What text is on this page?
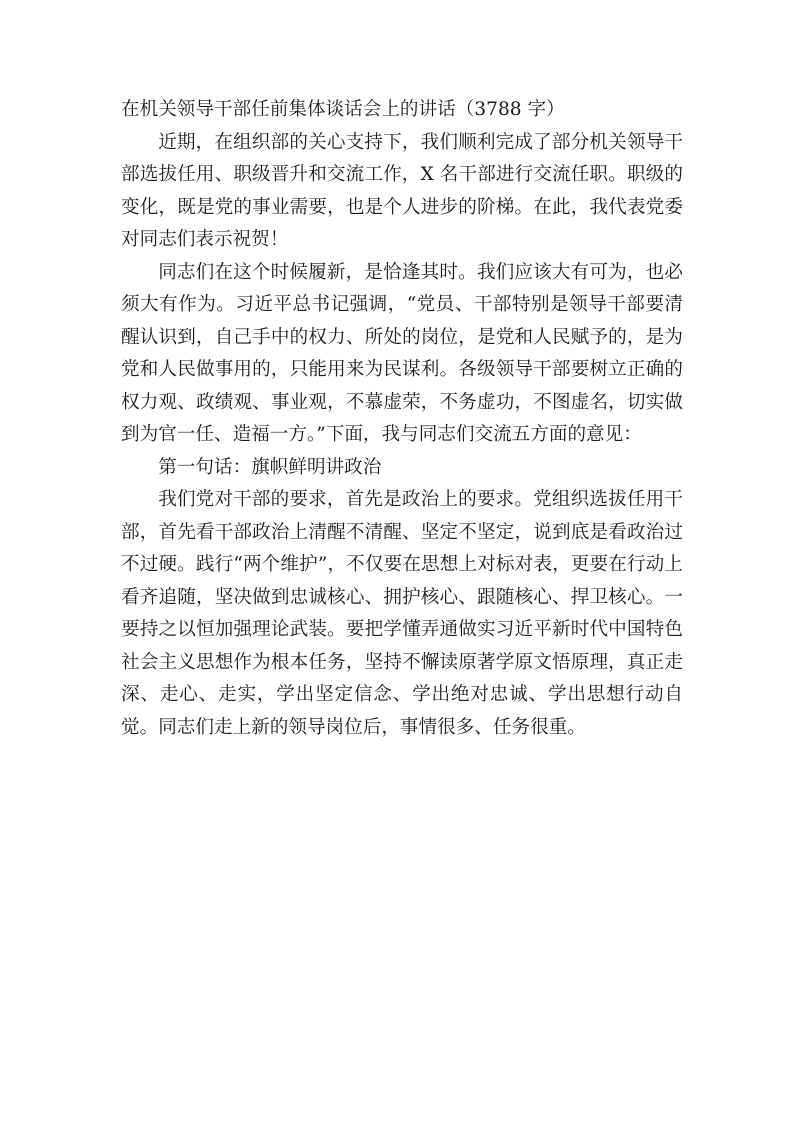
在机关领导干部任前集体谈话会上的讲话（3788 字）

近期，在组织部的关心支持下，我们顺利完成了部分机关领导干部选拔任用、职级晋升和交流工作，X 名干部进行交流任职。职级的变化，既是党的事业需要，也是个人进步的阶梯。在此，我代表党委对同志们表示祝贺！

同志们在这个时候履新，是恰逢其时。我们应该大有可为，也必须大有作为。习近平总书记强调，“党员、干部特别是领导干部要清醒认识到，自己手中的权力、所处的岗位，是党和人民赋予的，是为党和人民做事用的，只能用来为民谋利。各级领导干部要树立正确的权力观、政绩观、事业观，不慕虚荣，不务虚功，不图虚名，切实做到为官一任、造福一方。”下面，我与同志们交流五方面的意见：

第一句话：旗帜鲜明讲政治

我们党对干部的要求，首先是政治上的要求。党组织选拔任用干部，首先看干部政治上清醒不清醒、坚定不坚定，说到底是看政治过不过硬。践行“两个维护”，不仅要在思想上对标对表，更要在行动上看齐追随，坚决做到忠诚核心、拥护核心、跟随核心、捍卫核心。一要持之以恒加强理论武装。要把学懂弄通做实习近平新时代中国特色社会主义思想作为根本任务，坚持不懈读原著学原文悟原理，真正走深、走心、走实，学出坚定信念、学出绝对忠诚、学出思想行动自觉。同志们走上新的领导岗位后，事情很多、任务很重。
